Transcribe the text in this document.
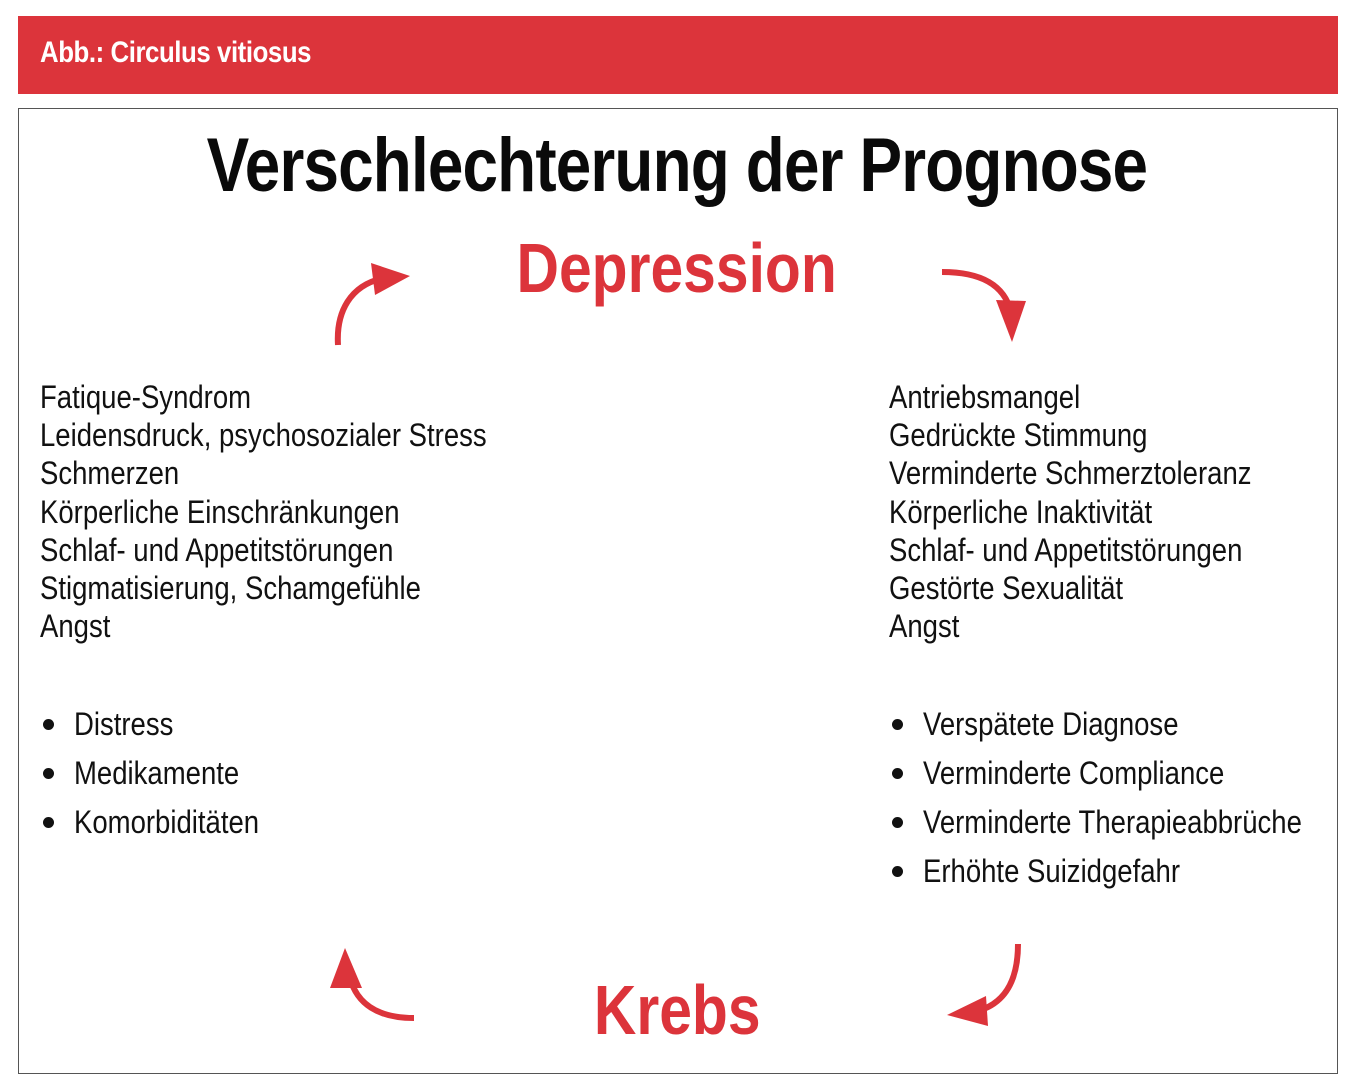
Abb.: Circulus vitiosus
Verschlechterung der Prognose
Depression
Krebs
Fatique-Syndrom
Leidensdruck, psychosozialer Stress
Schmerzen
Körperliche Einschränkungen
Schlaf- und Appetitstörungen
Stigmatisierung, Schamgefühle
Angst
Antriebsmangel
Gedrückte Stimmung
Verminderte Schmerztoleranz
Körperliche Inaktivität
Schlaf- und Appetitstörungen
Gestörte Sexualität
Angst
Distress
Medikamente
Komorbiditäten
Verspätete Diagnose
Verminderte Compliance
Verminderte Therapieabbrüche
Erhöhte Suizidgefahr
